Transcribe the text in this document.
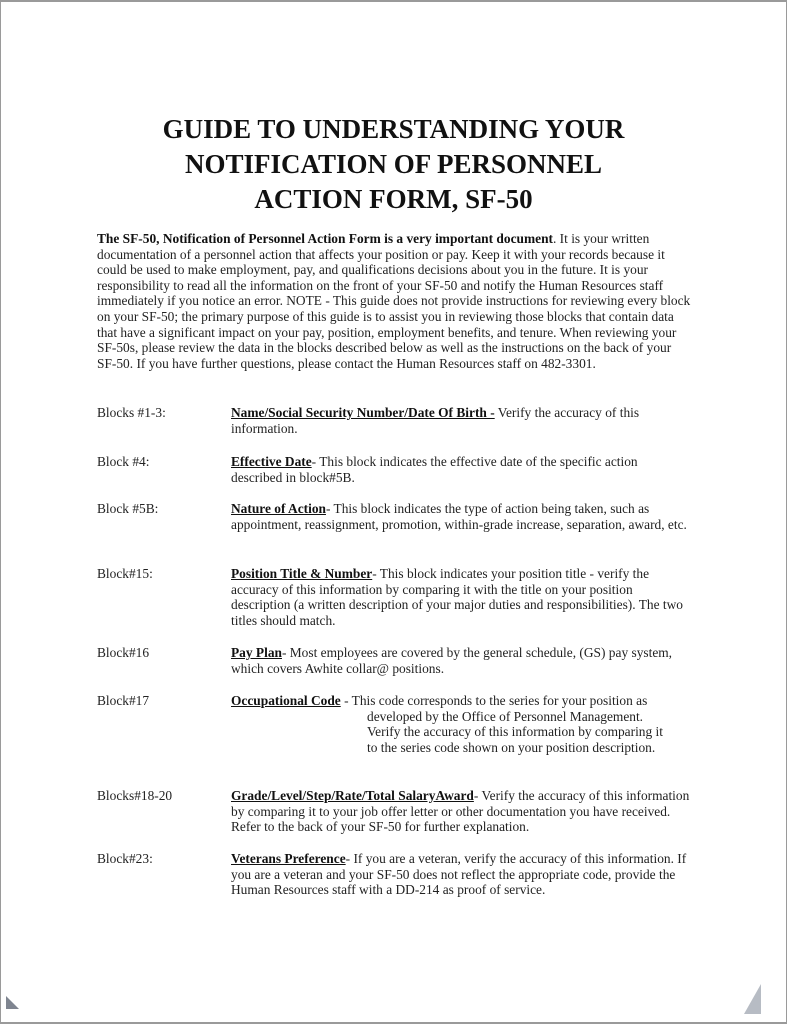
GUIDE TO UNDERSTANDING YOUR
NOTIFICATION OF PERSONNEL
ACTION FORM, SF-50
The SF-50, Notification of Personnel Action Form is a very important document. It is your written documentation of a personnel action that affects your position or pay. Keep it with your records because it could be used to make employment, pay, and qualifications decisions about you in the future. It is your responsibility to read all the information on the front of your SF-50 and notify the Human Resources staff immediately if you notice an error. NOTE - This guide does not provide instructions for reviewing every block on your SF-50; the primary purpose of this guide is to assist you in reviewing those blocks that contain data that have a significant impact on your pay, position, employment benefits, and tenure. When reviewing your SF-50s, please review the data in the blocks described below as well as the instructions on the back of your SF-50. If you have further questions, please contact the Human Resources staff on 482-3301.
Blocks #1-3:	Name/Social Security Number/Date Of Birth - Verify the accuracy of this information.
Block #4:	Effective Date- This block indicates the effective date of the specific action described in block#5B.
Block #5B:	Nature of Action- This block indicates the type of action being taken, such as appointment, reassignment, promotion, within-grade increase, separation, award, etc.
Block#15:	Position Title & Number- This block indicates your position title - verify the accuracy of this information by comparing it with the title on your position description (a written description of your major duties and responsibilities). The two titles should match.
Block#16	Pay Plan- Most employees are covered by the general schedule, (GS) pay system, which covers Awhite collar@ positions.
Block#17	Occupational Code - This code corresponds to the series for your position as
developed by the Office of Personnel Management.
Verify the accuracy of this information by comparing it
to the series code shown on your position description.
Blocks#18-20	Grade/Level/Step/Rate/Total SalaryAward- Verify the accuracy of this information by comparing it to your job offer letter or other documentation you have received. Refer to the back of your SF-50 for further explanation.
Block#23:	Veterans Preference- If you are a veteran, verify the accuracy of this information. If you are a veteran and your SF-50 does not reflect the appropriate code, provide the Human Resources staff with a DD-214 as proof of service.
